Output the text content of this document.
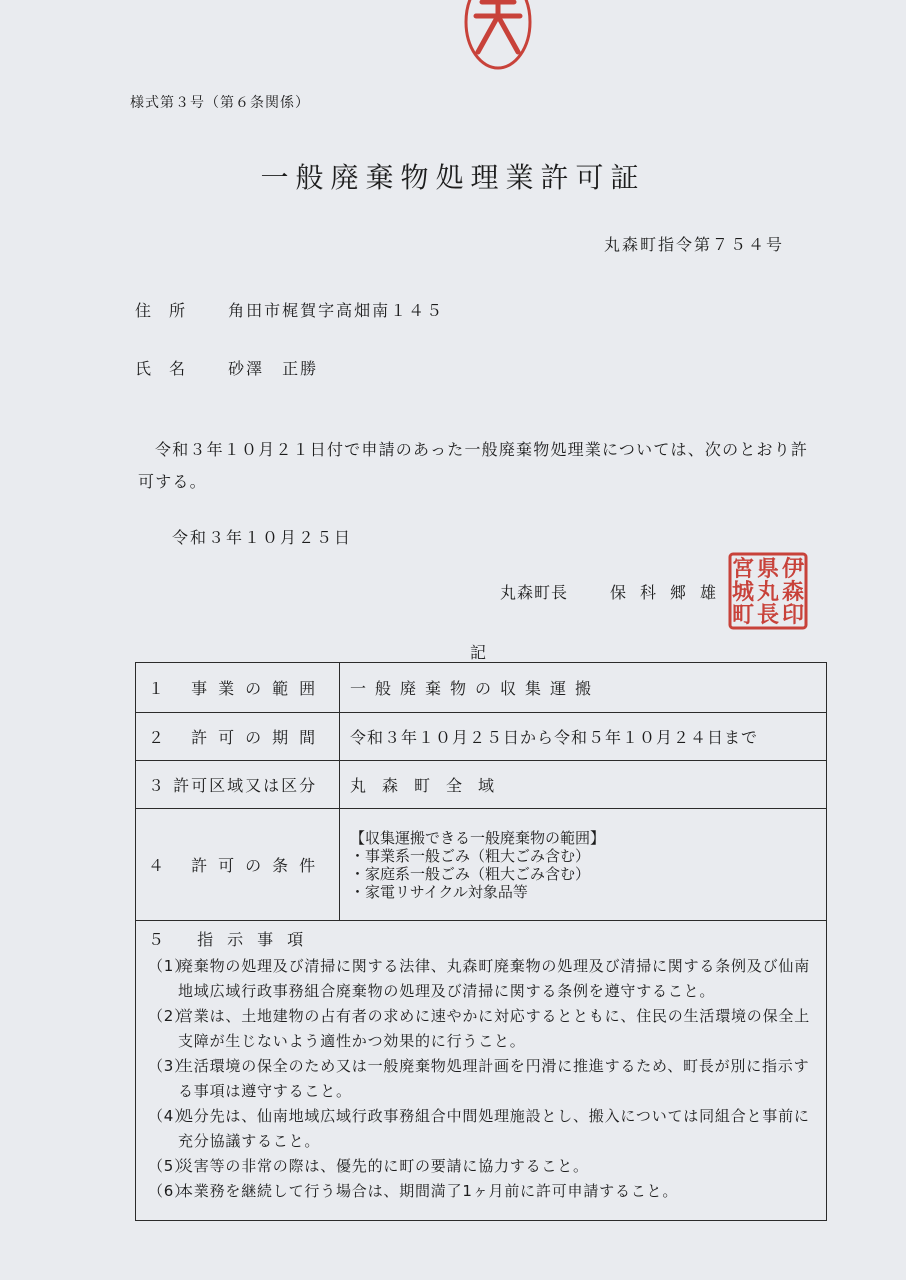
様式第３号（第６条関係）
一般廃棄物処理業許可証
丸森町指令第７５４号
住所 角田市梶賀字高畑南１４５
氏名 砂澤　正勝
令和３年１０月２１日付で申請のあった一般廃棄物処理業については、次のとおり許可する。
令和３年１０月２５日
丸森町長	保科郷雄
伊
森
印
県
丸
長
宮
城
町
記
１ 事業の範囲	一般廃棄物の収集運搬
２ 許可の期間	令和３年１０月２５日から令和５年１０月２４日まで
３ 許可区域又は区分	丸森町全域
４ 許可の条件
【収集運搬できる一般廃棄物の範囲】
・事業系一般ごみ（粗大ごみ含む）
・家庭系一般ごみ（粗大ごみ含む）
・家電リサイクル対象品等
５ 指示事項
（1）
廃棄物の処理及び清掃に関する法律、丸森町廃棄物の処理及び清掃に関する条例及び仙南地域広域行政事務組合廃棄物の処理及び清掃に関する条例を遵守すること。
（2）
営業は、土地建物の占有者の求めに速やかに対応するとともに、住民の生活環境の保全上支障が生じないよう適性かつ効果的に行うこと。
（3）
生活環境の保全のため又は一般廃棄物処理計画を円滑に推進するため、町長が別に指示する事項は遵守すること。
（4）
処分先は、仙南地域広域行政事務組合中間処理施設とし、搬入については同組合と事前に充分協議すること。
（5）
災害等の非常の際は、優先的に町の要請に協力すること。
（6）
本業務を継続して行う場合は、期間満了1ヶ月前に許可申請すること。
